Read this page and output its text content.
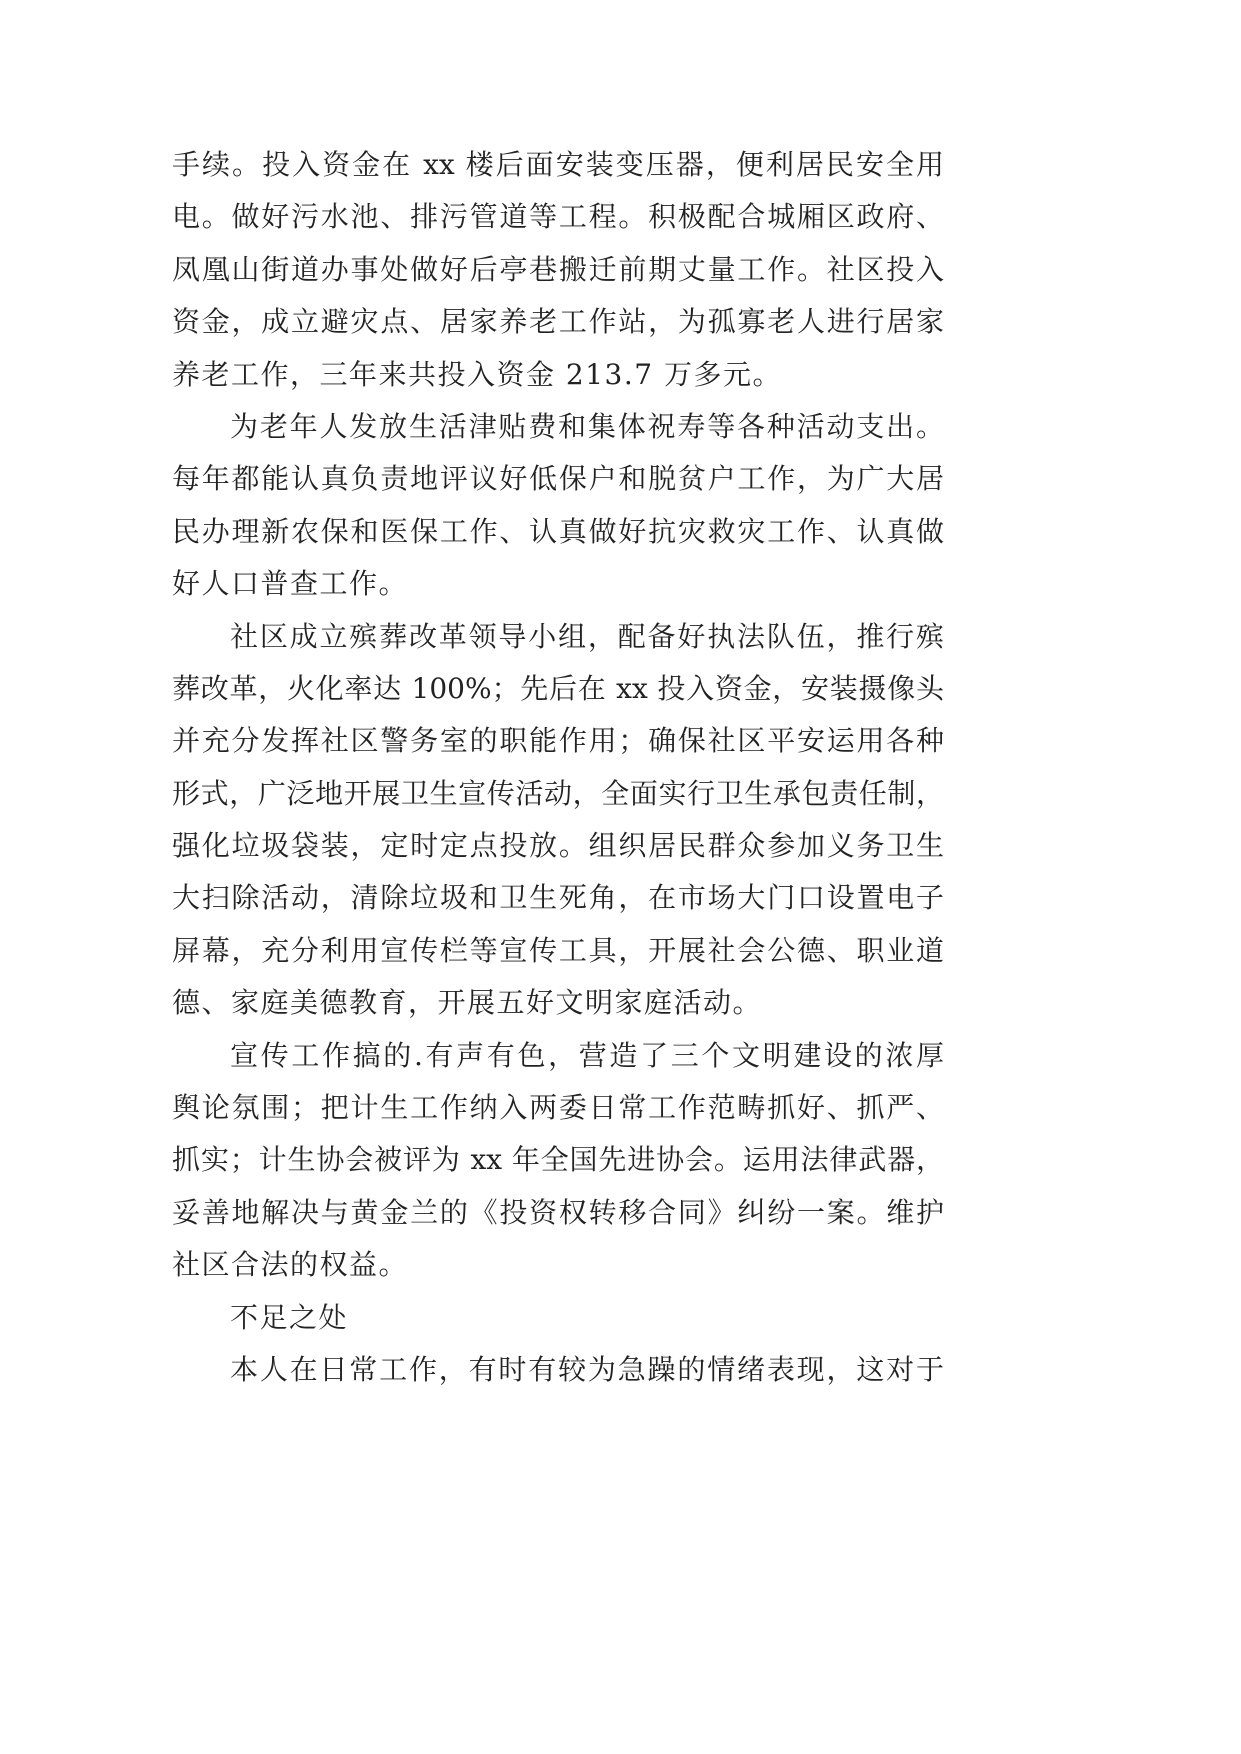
手续。投入资金在 xx 楼后面安装变压器，便利居民安全用
电。做好污水池、排污管道等工程。积极配合城厢区政府、
凤凰山街道办事处做好后亭巷搬迁前期丈量工作。社区投入
资金，成立避灾点、居家养老工作站，为孤寡老人进行居家
养老工作，三年来共投入资金 213.7 万多元。
为老年人发放生活津贴费和集体祝寿等各种活动支出。
每年都能认真负责地评议好低保户和脱贫户工作，为广大居
民办理新农保和医保工作、认真做好抗灾救灾工作、认真做
好人口普查工作。
社区成立殡葬改革领导小组，配备好执法队伍，推行殡
葬改革，火化率达 100%；先后在 xx 投入资金，安装摄像头
并充分发挥社区警务室的职能作用；确保社区平安运用各种
形式，广泛地开展卫生宣传活动，全面实行卫生承包责任制，
强化垃圾袋装，定时定点投放。组织居民群众参加义务卫生
大扫除活动，清除垃圾和卫生死角，在市场大门口设置电子
屏幕，充分利用宣传栏等宣传工具，开展社会公德、职业道
德、家庭美德教育，开展五好文明家庭活动。
宣传工作搞的.有声有色，营造了三个文明建设的浓厚
舆论氛围；把计生工作纳入两委日常工作范畴抓好、抓严、
抓实；计生协会被评为 xx 年全国先进协会。运用法律武器，
妥善地解决与黄金兰的《投资权转移合同》纠纷一案。维护
社区合法的权益。
不足之处
本人在日常工作，有时有较为急躁的情绪表现，这对于
